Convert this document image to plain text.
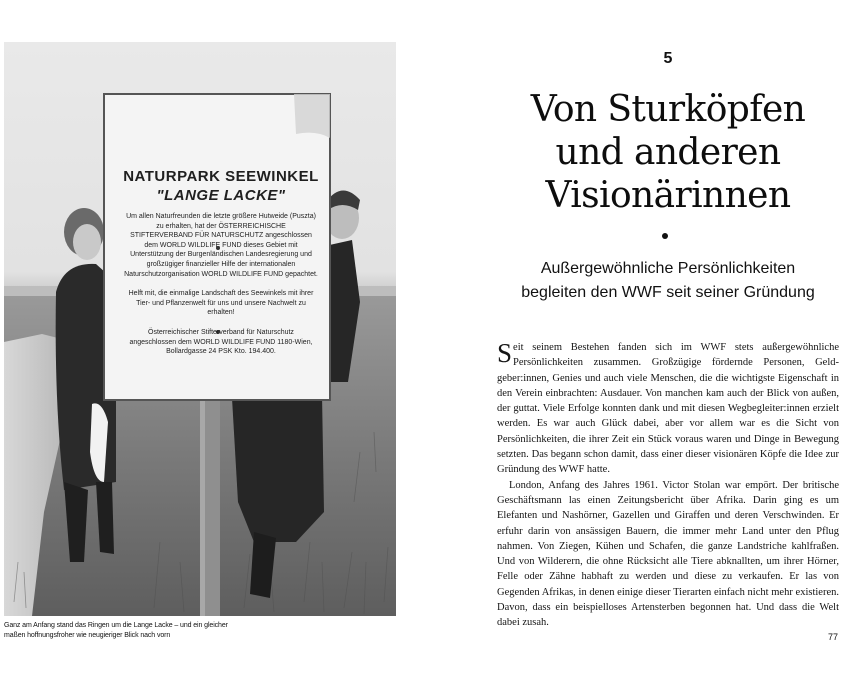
NATURPARK SEEWINKEL
"LANGE LACKE"
Um allen Naturfreunden die letzte größere Hutweide (Puszta) zu erhalten, hat der ÖSTERREICHISCHE STIFTERVERBAND FÜR NATURSCHUTZ angeschlossen dem WORLD WILDLIFE FUND dieses Gebiet mit Unterstützung der Burgenländischen Landesregierung und großzügiger finanzieller Hilfe der internationalen Naturschutzorganisation WORLD WILDLIFE FUND gepachtet.
Helft mit, die einmalige Landschaft des Seewinkels mit ihrer Tier- und Pflanzenwelt für uns und unsere Nachwelt zu erhalten!
Österreichischer Stifterverband für Naturschutz angeschlossen dem WORLD WILDLIFE FUND 1180-Wien, Bollardgasse 24 PSK Kto. 194.400.
Ganz am Anfang stand das Ringen um die Lange Lacke – und ein gleicher
maßen hoffnungsfroher wie neugieriger Blick nach vorn
5
Von Sturköpfen
und anderen
Visionärinnen
Außergewöhnliche Persönlichkeiten
begleiten den WWF seit seiner Gründung

Seit seinem Bestehen fanden sich im WWF stets außergewöhnliche Persönlichkeiten zusammen. Großzügige fördernde Personen, Geldgeber:innen, Genies und auch viele Menschen, die die wichtigste Eigenschaft in den Verein einbrachten: Ausdauer. Von manchen kam auch der Blick von außen, der guttat. Viele Erfolge konnten dank und mit diesen Wegbegleiter:innen erzielt werden. Es war auch Glück dabei, aber vor allem war es die Sicht von Persönlichkeiten, die ihrer Zeit ein Stück voraus waren und Dinge in Bewegung setzten. Das begann schon damit, dass einer dieser visionären Köpfe die Idee zur Gründung des WWF hatte.

London, Anfang des Jahres 1961. Victor Stolan war empört. Der britische Geschäftsmann las einen Zeitungsbericht über Afrika. Darin ging es um Elefanten und Nashörner, Gazellen und Giraffen und deren Verschwinden. Er erfuhr darin von ansässigen Bauern, die immer mehr Land unter den Pflug nahmen. Von Ziegen, Kühen und Schafen, die ganze Landstriche kahlfraßen. Und von Wilderern, die ohne Rücksicht alle Tiere abknallten, um ihrer Hörner, Felle oder Zähne habhaft zu werden und diese zu verkaufen. Er las von Gegenden Afrikas, in denen einige dieser Tierarten einfach nicht mehr existieren. Davon, dass ein beispielloses Artensterben begonnen hat. Und dass die Welt dabei zusah.

77
